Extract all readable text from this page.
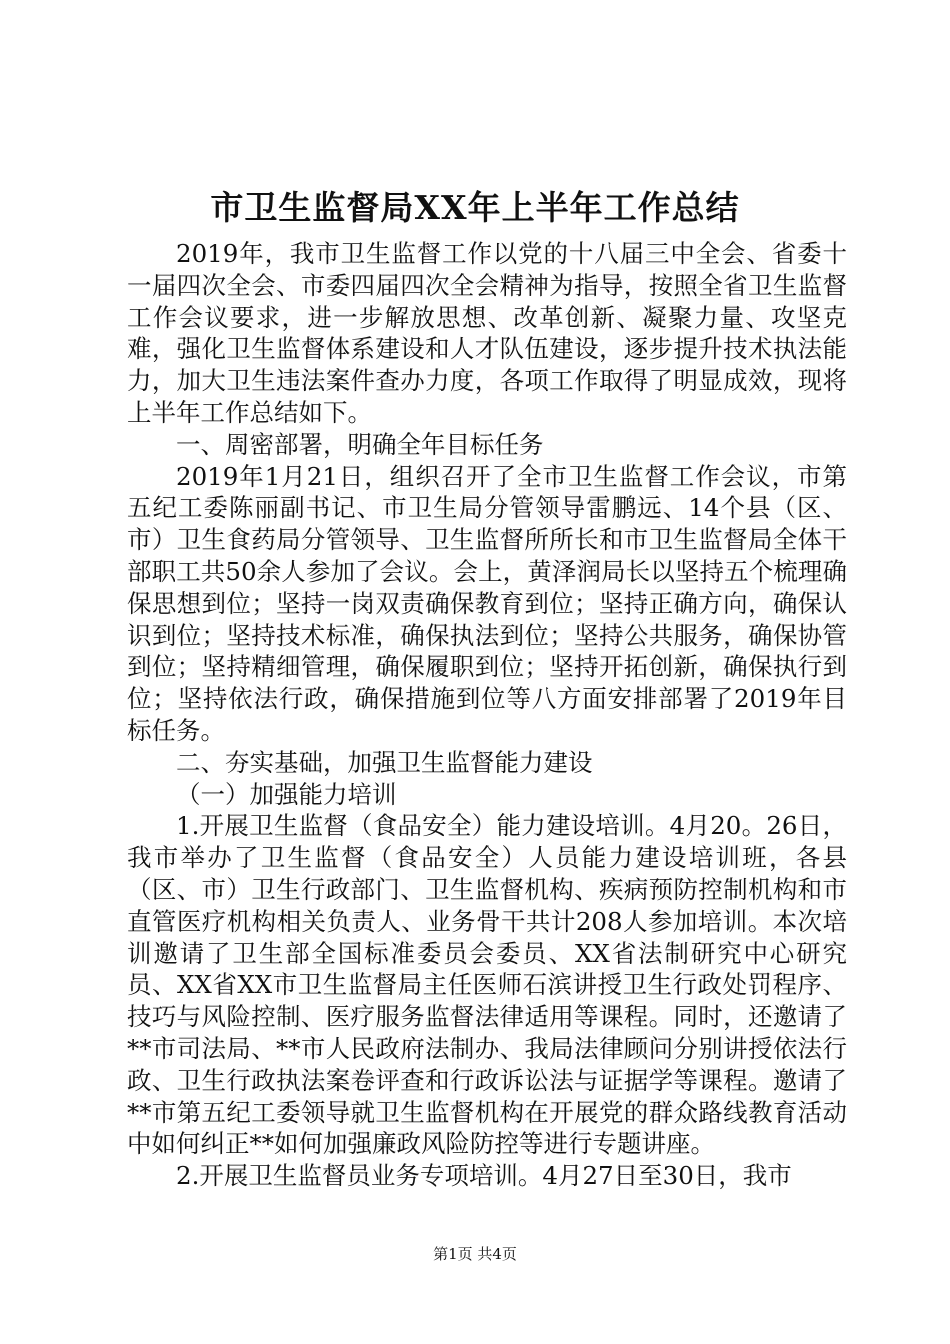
市卫生监督局XX年上半年工作总结

2019年，我市卫生监督工作以党的十八届三中全会、省委十一届四次全会、市委四届四次全会精神为指导，按照全省卫生监督工作会议要求，进一步解放思想、改革创新、凝聚力量、攻坚克难，强化卫生监督体系建设和人才队伍建设，逐步提升技术执法能力，加大卫生违法案件查办力度，各项工作取得了明显成效，现将上半年工作总结如下。

一、周密部署，明确全年目标任务

2019年1月21日，组织召开了全市卫生监督工作会议，市第五纪工委陈丽副书记、市卫生局分管领导雷鹏远、14个县（区、市）卫生食药局分管领导、卫生监督所所长和市卫生监督局全体干部职工共50余人参加了会议。会上，黄泽润局长以坚持五个梳理确保思想到位；坚持一岗双责确保教育到位；坚持正确方向，确保认识到位；坚持技术标准，确保执法到位；坚持公共服务，确保协管到位；坚持精细管理，确保履职到位；坚持开拓创新，确保执行到位；坚持依法行政，确保措施到位等八方面安排部署了2019年目标任务。

二、夯实基础，加强卫生监督能力建设

（一）加强能力培训

1.开展卫生监督（食品安全）能力建设培训。4月20。26日，我市举办了卫生监督（食品安全）人员能力建设培训班，各县（区、市）卫生行政部门、卫生监督机构、疾病预防控制机构和市直管医疗机构相关负责人、业务骨干共计208人参加培训。本次培训邀请了卫生部全国标准委员会委员、XX省法制研究中心研究员、XX省XX市卫生监督局主任医师石滨讲授卫生行政处罚程序、技巧与风险控制、医疗服务监督法律适用等课程。同时，还邀请了**市司法局、**市人民政府法制办、我局法律顾问分别讲授依法行政、卫生行政执法案卷评查和行政诉讼法与证据学等课程。邀请了**市第五纪工委领导就卫生监督机构在开展党的群众路线教育活动中如何纠正**如何加强廉政风险防控等进行专题讲座。

2.开展卫生监督员业务专项培训。4月27日至30日，我市

第1页 共4页
